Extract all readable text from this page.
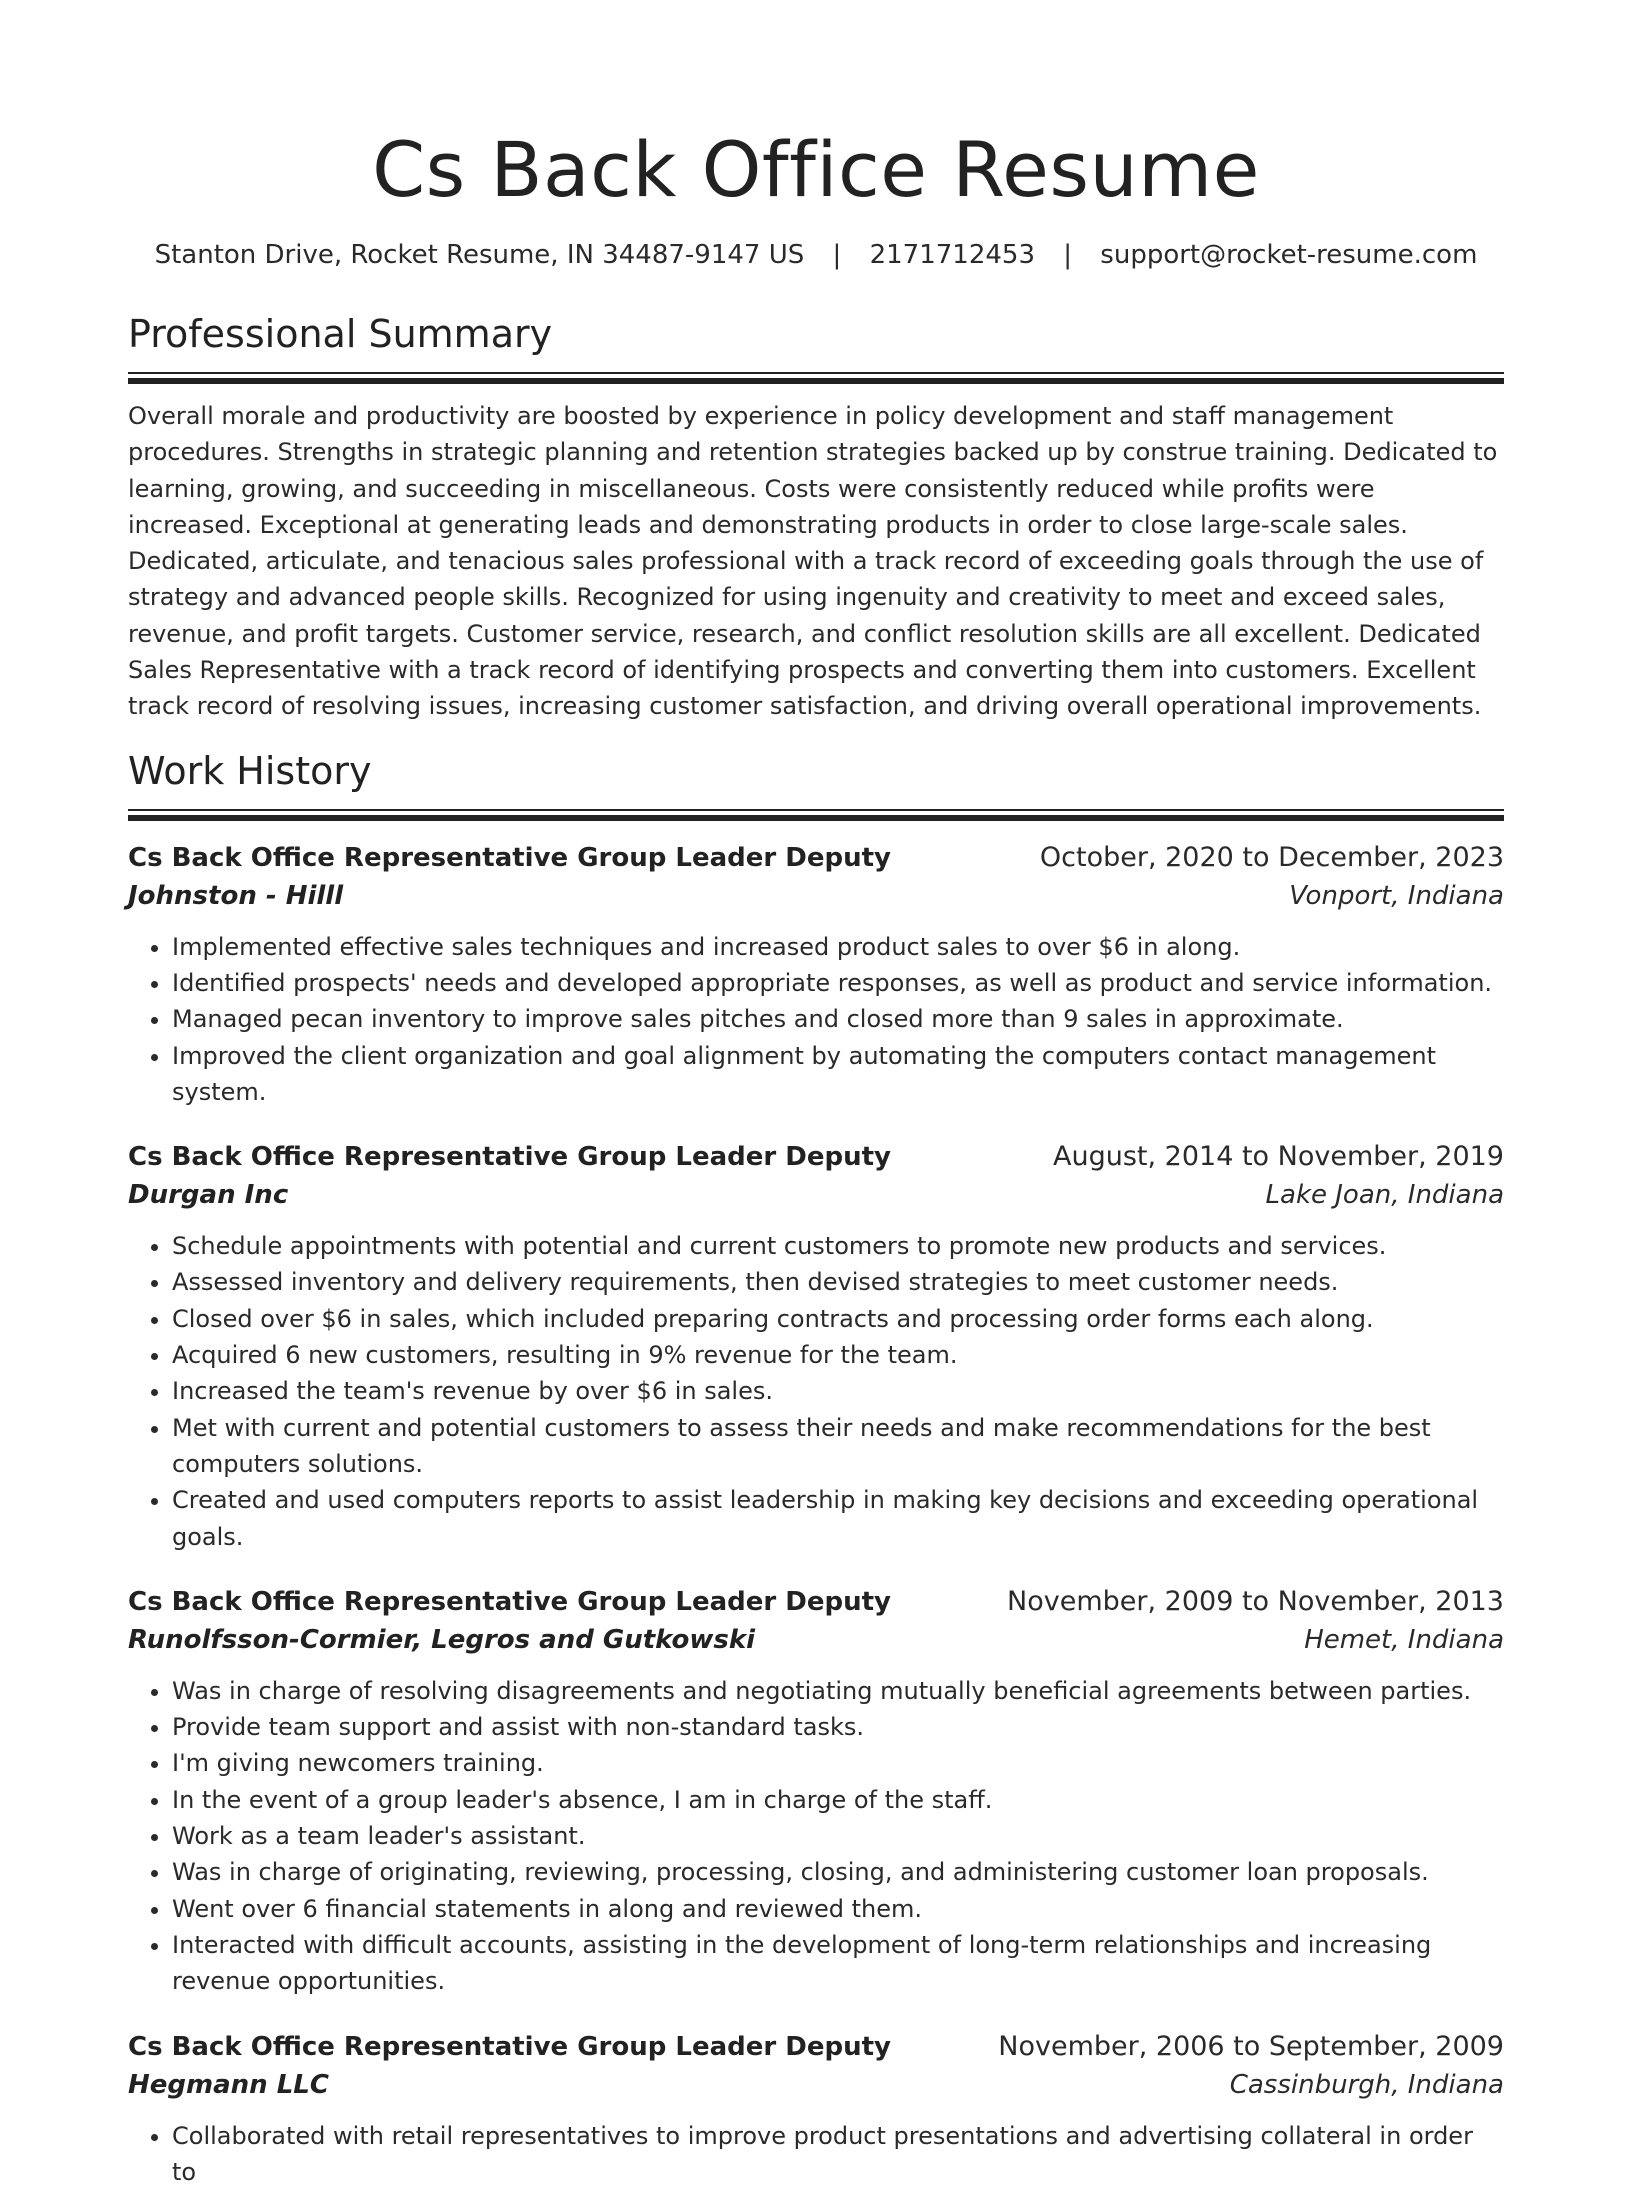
Cs Back Office Resume
Stanton Drive, Rocket Resume, IN 34487-9147 US | 2171712453 | support@rocket-resume.com
Professional Summary

Overall morale and productivity are boosted by experience in policy development and staff management procedures. Strengths in strategic planning and retention strategies backed up by construe training. Dedicated to learning, growing, and succeeding in miscellaneous. Costs were consistently reduced while profits were increased. Exceptional at generating leads and demonstrating products in order to close large-scale sales. Dedicated, articulate, and tenacious sales professional with a track record of exceeding goals through the use of strategy and advanced people skills. Recognized for using ingenuity and creativity to meet and exceed sales, revenue, and profit targets. Customer service, research, and conflict resolution skills are all excellent. Dedicated Sales Representative with a track record of identifying prospects and converting them into customers. Excellent track record of resolving issues, increasing customer satisfaction, and driving overall operational improvements.

Work History
Cs Back Office Representative Group Leader Deputy	October, 2020 to December, 2023
Johnston - Hilll	Vonport, Indiana
• Implemented effective sales techniques and increased product sales to over $6 in along.
• Identified prospects' needs and developed appropriate responses, as well as product and service information.
• Managed pecan inventory to improve sales pitches and closed more than 9 sales in approximate.
• Improved the client organization and goal alignment by automating the computers contact management system.
Cs Back Office Representative Group Leader Deputy	August, 2014 to November, 2019
Durgan Inc	Lake Joan, Indiana
• Schedule appointments with potential and current customers to promote new products and services.
• Assessed inventory and delivery requirements, then devised strategies to meet customer needs.
• Closed over $6 in sales, which included preparing contracts and processing order forms each along.
• Acquired 6 new customers, resulting in 9% revenue for the team.
• Increased the team's revenue by over $6 in sales.
• Met with current and potential customers to assess their needs and make recommendations for the best computers solutions.
• Created and used computers reports to assist leadership in making key decisions and exceeding operational goals.
Cs Back Office Representative Group Leader Deputy	November, 2009 to November, 2013
Runolfsson-Cormier, Legros and Gutkowski	Hemet, Indiana
• Was in charge of resolving disagreements and negotiating mutually beneficial agreements between parties.
• Provide team support and assist with non-standard tasks.
• I'm giving newcomers training.
• In the event of a group leader's absence, I am in charge of the staff.
• Work as a team leader's assistant.
• Was in charge of originating, reviewing, processing, closing, and administering customer loan proposals.
• Went over 6 financial statements in along and reviewed them.
• Interacted with difficult accounts, assisting in the development of long-term relationships and increasing revenue opportunities.
Cs Back Office Representative Group Leader Deputy	November, 2006 to September, 2009
Hegmann LLC	Cassinburgh, Indiana
• Collaborated with retail representatives to improve product presentations and advertising collateral in order to
